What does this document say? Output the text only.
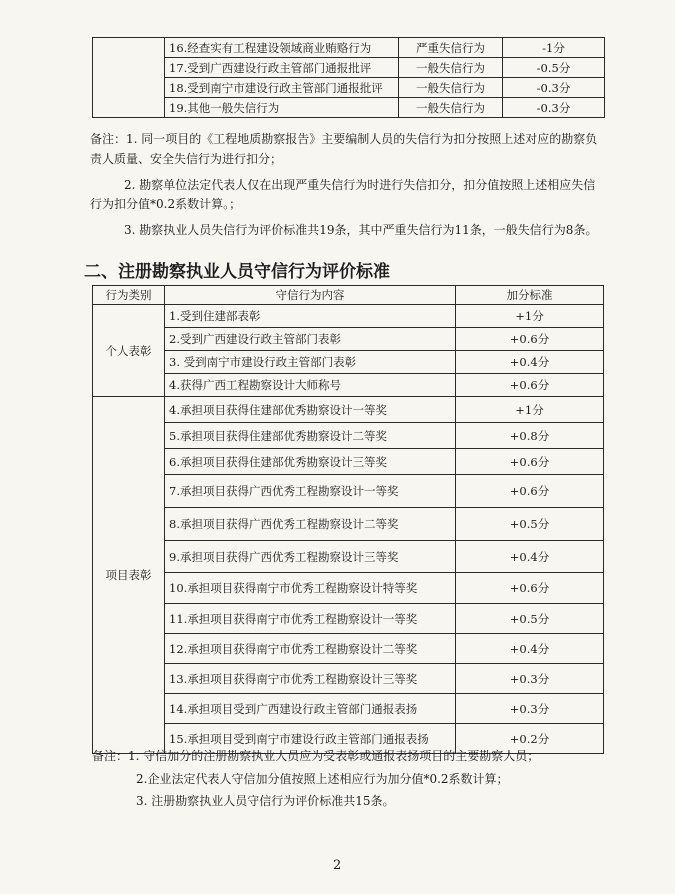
	16.经查实有工程建设领域商业贿赂行为	严重失信行为	-1分
	17.受到广西建设行政主管部门通报批评	一般失信行为	-0.5分
	18.受到南宁市建设行政主管部门通报批评	一般失信行为	-0.3分
	19.其他一般失信行为	一般失信行为	-0.3分
备注：1. 同一项目的《工程地质勘察报告》主要编制人员的失信行为扣分按照上述对应的勘察负
责人质量、安全失信行为进行扣分；
2. 勘察单位法定代表人仅在出现严重失信行为时进行失信扣分，扣分值按照上述相应失信
行为扣分值*0.2系数计算。；
3. 勘察执业人员失信行为评价标准共19条，其中严重失信行为11条，一般失信行为8条。
二、注册勘察执业人员守信行为评价标准
行为类别	守信行为内容	加分标准
个人表彰	1.受到住建部表彰	+1分
	2.受到广西建设行政主管部门表彰	+0.6分
	3. 受到南宁市建设行政主管部门表彰	+0.4分
	4.获得广西工程勘察设计大师称号	+0.6分
项目表彰	4.承担项目获得住建部优秀勘察设计一等奖	+1分
	5.承担项目获得住建部优秀勘察设计二等奖	+0.8分
	6.承担项目获得住建部优秀勘察设计三等奖	+0.6分
	7.承担项目获得广西优秀工程勘察设计一等奖	+0.6分
	8.承担项目获得广西优秀工程勘察设计二等奖	+0.5分
	9.承担项目获得广西优秀工程勘察设计三等奖	+0.4分
	10.承担项目获得南宁市优秀工程勘察设计特等奖	+0.6分
	11.承担项目获得南宁市优秀工程勘察设计一等奖	+0.5分
	12.承担项目获得南宁市优秀工程勘察设计二等奖	+0.4分
	13.承担项目获得南宁市优秀工程勘察设计三等奖	+0.3分
	14.承担项目受到广西建设行政主管部门通报表扬	+0.3分
	15.承担项目受到南宁市建设行政主管部门通报表扬	+0.2分
备注：1. 守信加分的注册勘察执业人员应为受表彰或通报表扬项目的主要勘察人员；
2.企业法定代表人守信加分值按照上述相应行为加分值*0.2系数计算；
3. 注册勘察执业人员守信行为评价标准共15条。
2
